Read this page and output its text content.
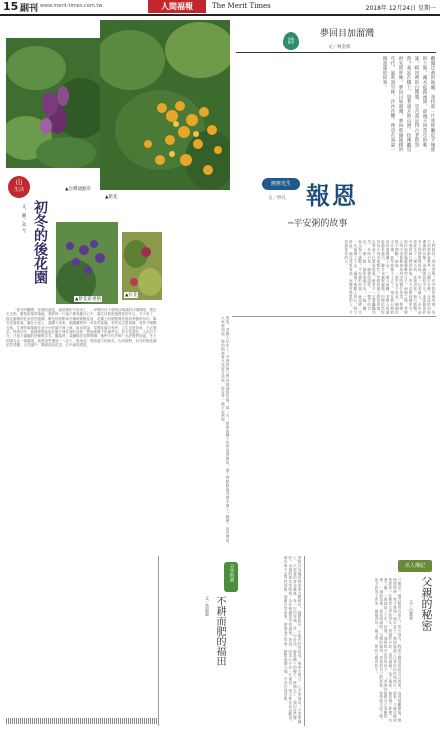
15 副刊 www.merit-times.com.tw	人間福報	The Merit Times	2018年 12月24日 星期一
▲台灣油點草
▲紫花
山
生活
初冬的後花園
文．圖／朵 兮
▲紫花霍香薊
▲紅花

「寒冬的觸聲，是我的盛宴，滿是樹的不捨這了。」年輕的孩子望明以喝我的口嘴問吧，想去走走吧，樹枝的果實落地，我將每一片葉子都收藏在心中，讓它伴我度過漫長的冬日。冬天來了，後花園裡的花朵依然盛開，紫色的油點草在牆角默默綻放，花瓣上的斑點像是寫給季節的詩句。陽光穿過枝葉，灑在小徑上，我蹲下身來，細細觀察每一朵花的姿態。有些花已經凋謝，有些才剛剛含苞，生命的循環就在這小小的園子裡上演。祖母曾說，花開花落自有時，人生也是如此，不必強求。每到初冬，我總會想起她在園子裡忙碌的身影，想起她種下的那些花。如今花還在，人卻已不在，只留下滿園的回憶與芬芳。觀賞時，黃蝴蝶在花間飛舞，牠們不怕冷嗎？也許牠們知道，冬天的陽光也一樣溫暖。我將這些畫面一一記下，寫成詩，寄給遠方的朋友，告訴他們，初冬的後花園依然美麗。走在園中，聞著淡淡花香，心中滿是感恩。	後來，老婦人往生了，寺裡的師父們為她誦經祈福。那一天，熬粥的鍋子依然冒著熱氣，義工們默默地為她多盛了一碗粥，放在佛前。大家都知道，她的精神會永遠留在這裡，留在每一碗平安粥裡。
詩
夢回目加溜灣
文／林金郎
翻閱泛黃的地圖，尋找那一片曾經屬於平埔族的土地。溪水依舊流淌，卻流不回當年的歌謠。稻田裡的白鷺鷥，是否還記得古老的祭典？我站在橋上，望著遠方的山巒，彷彿聽見祖先的呼喚。夢回目加溜灣，夢回那個純樸的年代。風吹過竹林，沙沙作響，像是在訴說一個遙遠的故事。
塵塵光生
文／妙凡 報恩
─平安粥的故事
人們相信，善有善報。在寺院的廚房裡，每天清晨都會熬煮一大鍋平安粥，分送給前來禮佛的信眾。這碗粥看似平凡，卻承載著許多人的感恩與祝福。有一位老婦人，多年前曾經生了一場大病，家境清寒，無力就醫。寺裡的師父們得知後，每天送粥到她家中，陪伴她度過最艱難的日子。病癒之後，老婦人每天清晨都會來到寺院幫忙洗菜、熬粥，從不間斷。她說：「當年若不是這一碗碗的平安粥，我早就撐不下去了。現在我只想把這份溫暖傳下去。」歲月流轉，老婦人的頭髮越來越白，腳步也越來越慢，但她依然堅持每天到寺裡幫忙。年輕的義工們看著她，也學會了什麼是報恩。報恩不一定要轟轟烈烈，有時只是一碗粥的溫度，一雙手的付出。一粥一飯，當思來處不易；一絲一縷，恆念物力維艱。平安粥的故事，就這樣一代一代地傳了下去，溫暖了無數人的心。師父常說，施比受更有福，而懂得感恩的人，才是最富有的人。
分享時刻
不耕而肥的福田
文／黃淑惠	曾經以為種田就是要辛勤耕作、施肥除草，才能有好的收成。後來才明白，心中的福田，不需要翻土，只需要用善念灌溉。每一次的布施，每一句好話，都是撒下的種子。時間久了，福田自然豐收。身邊的朋友常問我，為什麼總是笑容滿面？我說，因為心中有一片福田，每天都在長出歡喜。做好事不必等待回報，福報自然會來。就像春天的雨，默默滋潤大地，不求任何回報。	名人傳記
父親的秘密
文／呂慧蓉
父親是一個沉默寡言的人，從小到大，我很少聽他說起自己的事。直到他離開後，整理遺物時，我才發現一個木盒子，裡面裝滿了泛黃的信件與照片。原來，父親年輕時曾經是一位熱愛文學的青年，寫過許多詩，也投過稿。為了養家，他放棄了夢想，走進工廠，一做就是三十年。信裡，他寫給未出世的孩子：「希望你能做自己喜歡的事。」讀到這裡，我淚流滿面。父親的秘密，是他把自己的夢想，悄悄地交給了我。如今我成了作家，總覺得每一篇文章，都有父親的影子。
